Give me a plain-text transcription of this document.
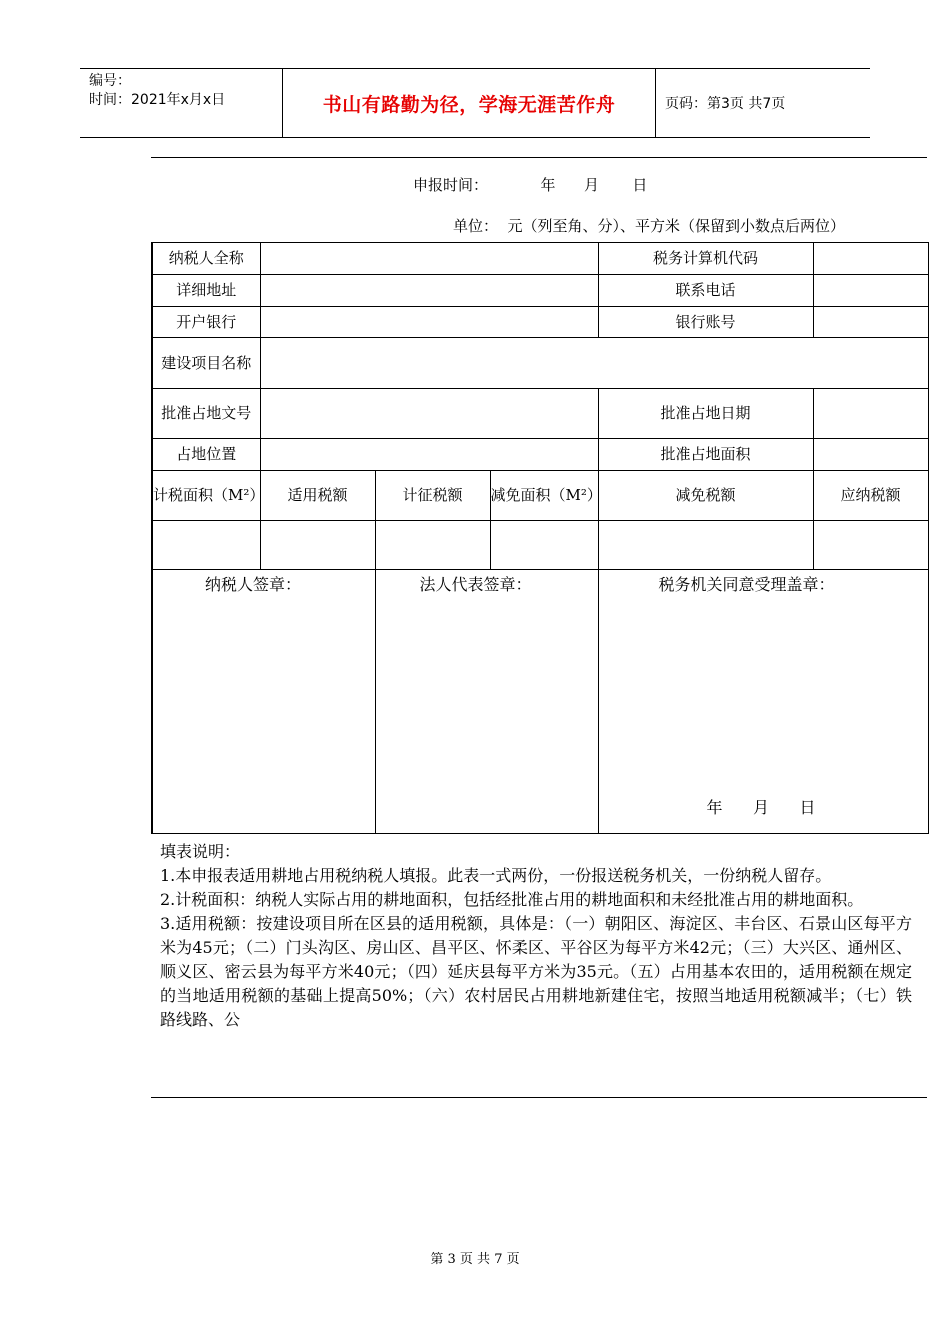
编号：
时间：2021年x月x日	书山有路勤为径，学海无涯苦作舟	页码：第3页 共7页
申报时间：           年      月       日
单位：  元（列至角、分）、平方米（保留到小数点后两位）
纳税人全称				税务计算机代码	
详细地址				联系电话	
开户银行				银行账号	
建设项目名称					
批准占地文号				批准占地日期	
占地位置				批准占地面积	
计税面积（M²）	适用税额	计征税额	减免面积（M²）	减免税额	应纳税额

纳税人签章：		法人代表签章：		税务机关同意受理盖章：
年      月      日	

填表说明：

1.本申报表适用耕地占用税纳税人填报。此表一式两份，一份报送税务机关，一份纳税人留存。

2.计税面积：纳税人实际占用的耕地面积，包括经批准占用的耕地面积和未经批准占用的耕地面积。

3.适用税额：按建设项目所在区县的适用税额，具体是：（一）朝阳区、海淀区、丰台区、石景山区每平方米为45元；（二）门头沟区、房山区、昌平区、怀柔区、平谷区为每平方米42元；（三）大兴区、通州区、顺义区、密云县为每平方米40元；（四）延庆县每平方米为35元。（五）占用基本农田的，适用税额在规定的当地适用税额的基础上提高50%；（六）农村居民占用耕地新建住宅，按照当地适用税额减半；（七）铁路线路、公

第 3 页 共 7 页
